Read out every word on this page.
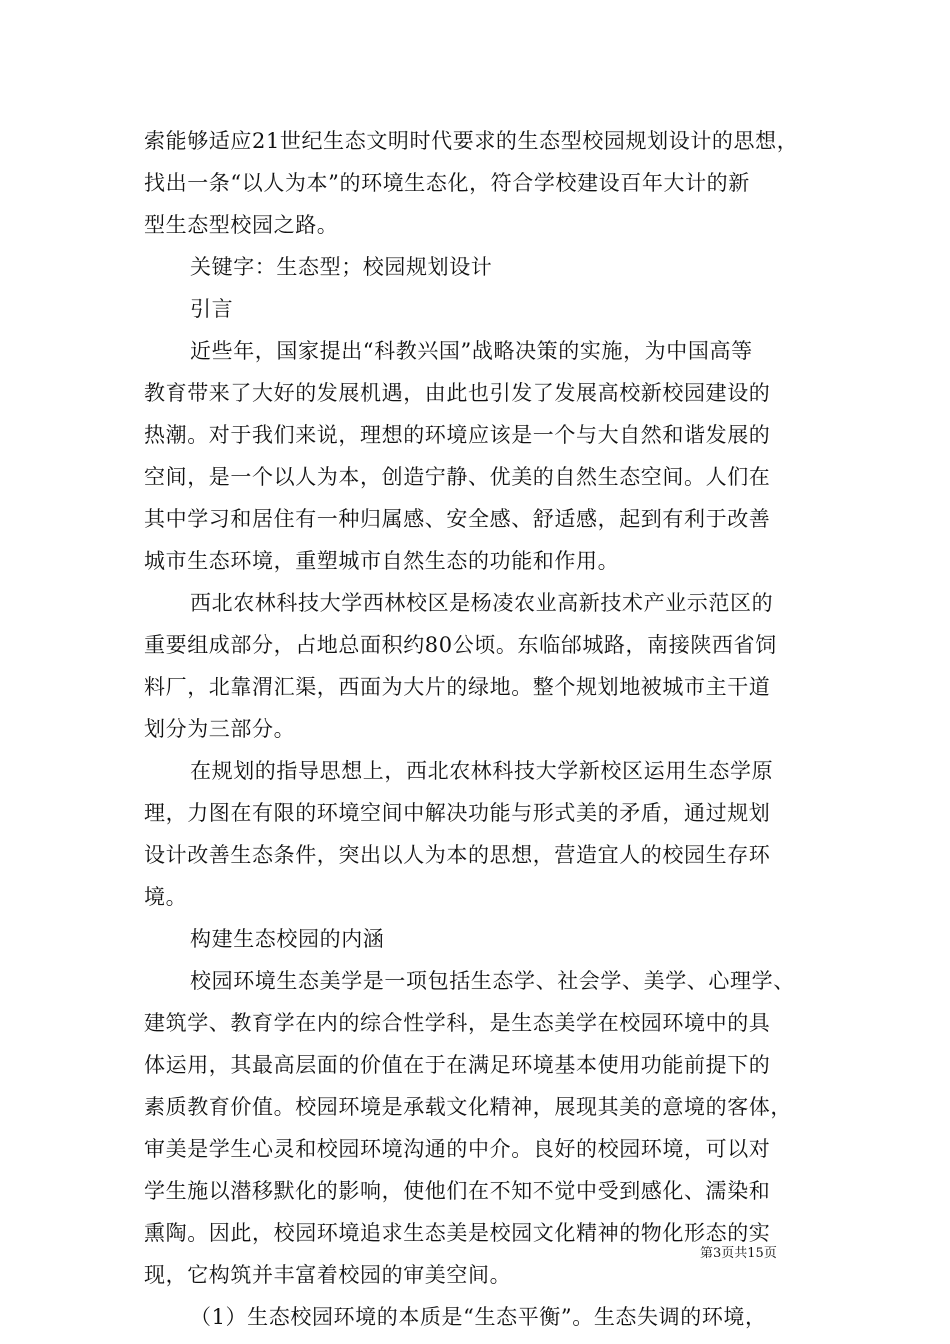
索能够适应21世纪生态文明时代要求的生态型校园规划设计的思想，
找出一条“以人为本”的环境生态化，符合学校建设百年大计的新
型生态型校园之路。
关键字：生态型；校园规划设计
引言
近些年，国家提出“科教兴国”战略决策的实施，为中国高等
教育带来了大好的发展机遇，由此也引发了发展高校新校园建设的
热潮。对于我们来说，理想的环境应该是一个与大自然和谐发展的
空间，是一个以人为本，创造宁静、优美的自然生态空间。人们在
其中学习和居住有一种归属感、安全感、舒适感，起到有利于改善
城市生态环境，重塑城市自然生态的功能和作用。
西北农林科技大学西林校区是杨凌农业高新技术产业示范区的
重要组成部分，占地总面积约80公顷。东临邰城路，南接陕西省饲
料厂，北靠渭汇渠，西面为大片的绿地。整个规划地被城市主干道
划分为三部分。
在规划的指导思想上，西北农林科技大学新校区运用生态学原
理，力图在有限的环境空间中解决功能与形式美的矛盾，通过规划
设计改善生态条件，突出以人为本的思想，营造宜人的校园生存环
境。
构建生态校园的内涵
校园环境生态美学是一项包括生态学、社会学、美学、心理学、
建筑学、教育学在内的综合性学科，是生态美学在校园环境中的具
体运用，其最高层面的价值在于在满足环境基本使用功能前提下的
素质教育价值。校园环境是承载文化精神，展现其美的意境的客体，
审美是学生心灵和校园环境沟通的中介。良好的校园环境，可以对
学生施以潜移默化的影响，使他们在不知不觉中受到感化、濡染和
熏陶。因此，校园环境追求生态美是校园文化精神的物化形态的实
现，它构筑并丰富着校园的审美空间。
（1）生态校园环境的本质是“生态平衡”。生态失调的环境，
第3页共15页
